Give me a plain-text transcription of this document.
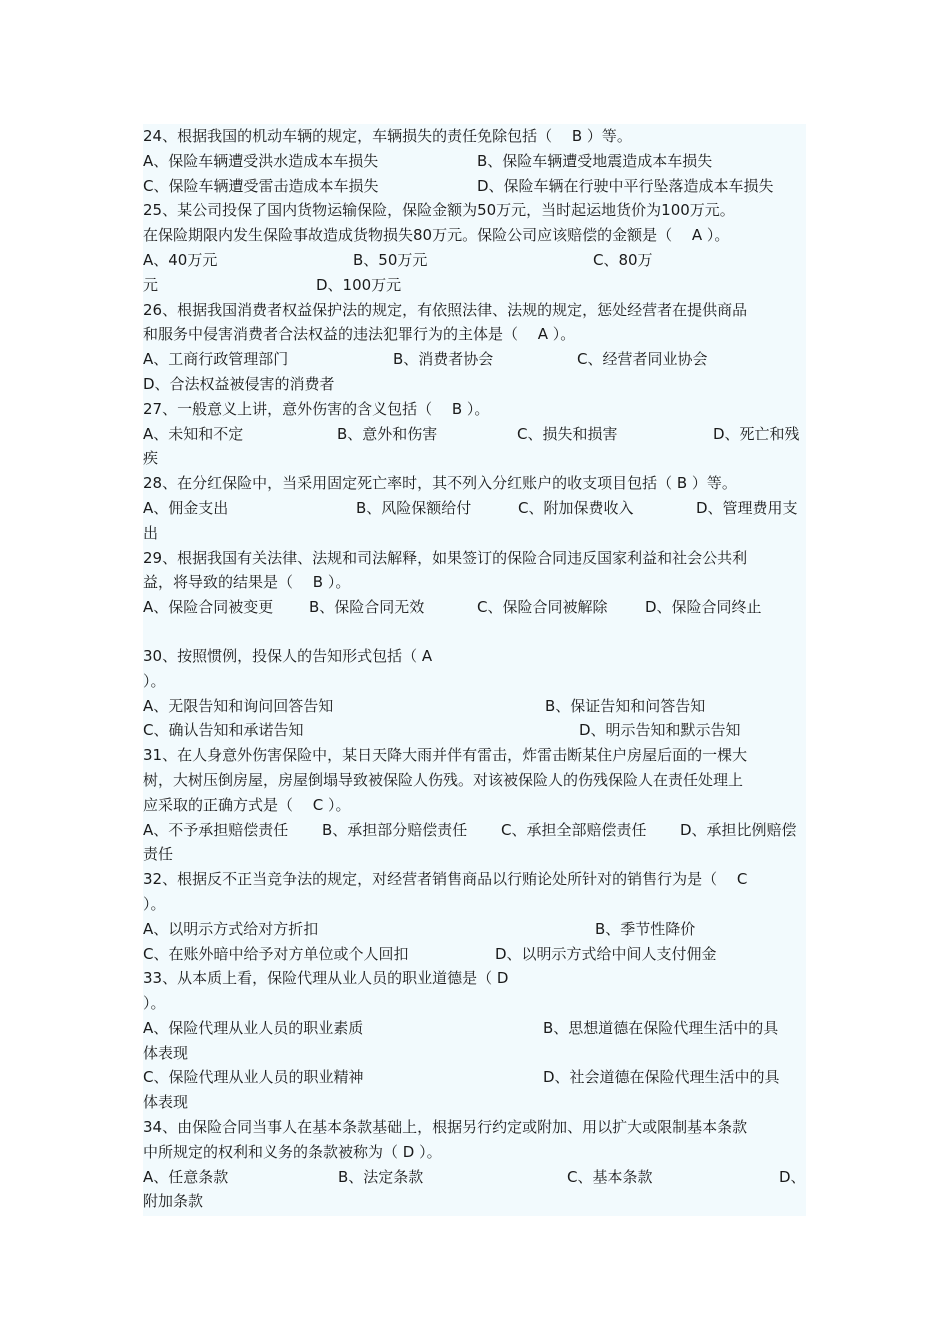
24、根据我国的机动车辆的规定，车辆损失的责任免除包括（　 B ）等。
A、保险车辆遭受洪水造成本车损失	B、保险车辆遭受地震造成本车损失
C、保险车辆遭受雷击造成本车损失	D、保险车辆在行驶中平行坠落造成本车损失
25、某公司投保了国内货物运输保险，保险金额为50万元，当时起运地货价为100万元。
在保险期限内发生保险事故造成货物损失80万元。保险公司应该赔偿的金额是（　 A ）。
A、40万元	B、50万元	C、80万
元	D、100万元
26、根据我国消费者权益保护法的规定，有依照法律、法规的规定，惩处经营者在提供商品
和服务中侵害消费者合法权益的违法犯罪行为的主体是（　 A ）。
A、工商行政管理部门	B、消费者协会	C、经营者同业协会
D、合法权益被侵害的消费者
27、一般意义上讲，意外伤害的含义包括（　 B ）。
A、未知和不定	B、意外和伤害	C、损失和损害	D、死亡和残
疾
28、在分红保险中，当采用固定死亡率时，其不列入分红账户的收支项目包括（ B ）等。
A、佣金支出	B、风险保额给付	C、附加保费收入	D、管理费用支
出
29、根据我国有关法律、法规和司法解释，如果签订的保险合同违反国家利益和社会公共利
益，将导致的结果是（　 B ）。
A、保险合同被变更	B、保险合同无效	C、保险合同被解除	D、保险合同终止
30、按照惯例，投保人的告知形式包括（ A
）。
A、无限告知和询问回答告知	B、保证告知和问答告知
C、确认告知和承诺告知	D、明示告知和默示告知
31、在人身意外伤害保险中，某日天降大雨并伴有雷击，炸雷击断某住户房屋后面的一棵大
树，大树压倒房屋，房屋倒塌导致被保险人伤残。对该被保险人的伤残保险人在责任处理上
应采取的正确方式是（　 C ）。
A、不予承担赔偿责任	B、承担部分赔偿责任	C、承担全部赔偿责任	D、承担比例赔偿
责任
32、根据反不正当竞争法的规定，对经营者销售商品以行贿论处所针对的销售行为是（　 C
）。
A、以明示方式给对方折扣	B、季节性降价
C、在账外暗中给予对方单位或个人回扣	D、以明示方式给中间人支付佣金
33、从本质上看，保险代理从业人员的职业道德是（ D
）。
A、保险代理从业人员的职业素质	B、思想道德在保险代理生活中的具
体表现
C、保险代理从业人员的职业精神	D、社会道德在保险代理生活中的具
体表现
34、由保险合同当事人在基本条款基础上，根据另行约定或附加、用以扩大或限制基本条款
中所规定的权利和义务的条款被称为（ D ）。
A、任意条款	B、法定条款	C、基本条款	D、
附加条款
